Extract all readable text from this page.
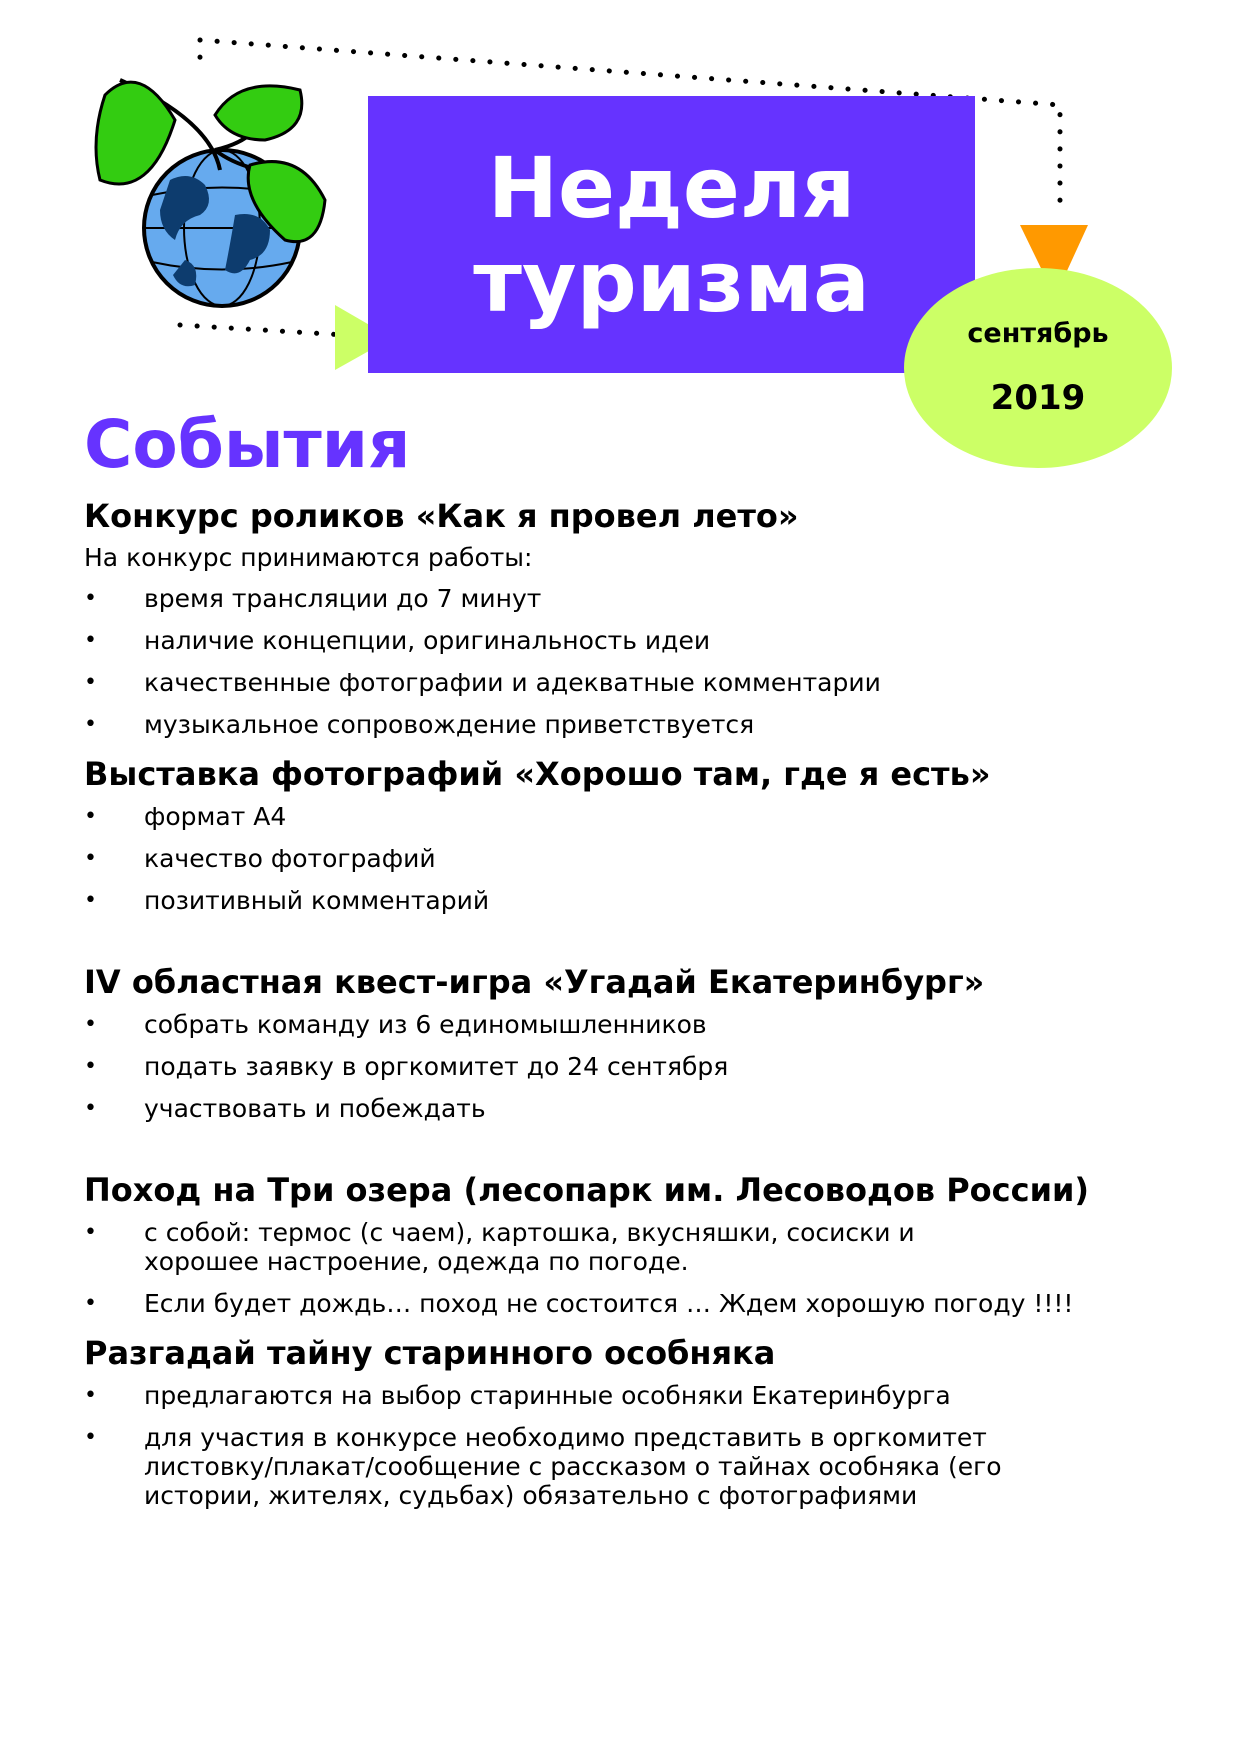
Неделя
туризма
сентябрь
2019
События
Конкурс роликов «Как я провел лето»

На конкурс принимаются работы:

• время трансляции до 7 минут
• наличие концепции, оригинальность идеи
• качественные фотографии и адекватные комментарии
• музыкальное сопровождение приветствуется
Выставка фотографий «Хорошо там, где я есть»
• формат А4
• качество фотографий
• позитивный комментарий
IV областная квест-игра «Угадай Екатеринбург»
• собрать команду из 6 единомышленников
• подать заявку в оргкомитет до 24 сентября
• участвовать и побеждать
Поход на Три озера (лесопарк им. Лесоводов России)
• с собой: термос (с чаем), картошка, вкусняшки, сосиски и хорошее настроение, одежда по погоде.
• Если будет дождь… поход не состоится … Ждем хорошую погоду !!!!
Разгадай тайну старинного особняка
• предлагаются на выбор старинные особняки Екатеринбурга
• для участия в конкурсе необходимо представить в оргкомитет листовку/плакат/сообщение с рассказом о тайнах особняка (его истории, жителях, судьбах) обязательно с фотографиями
